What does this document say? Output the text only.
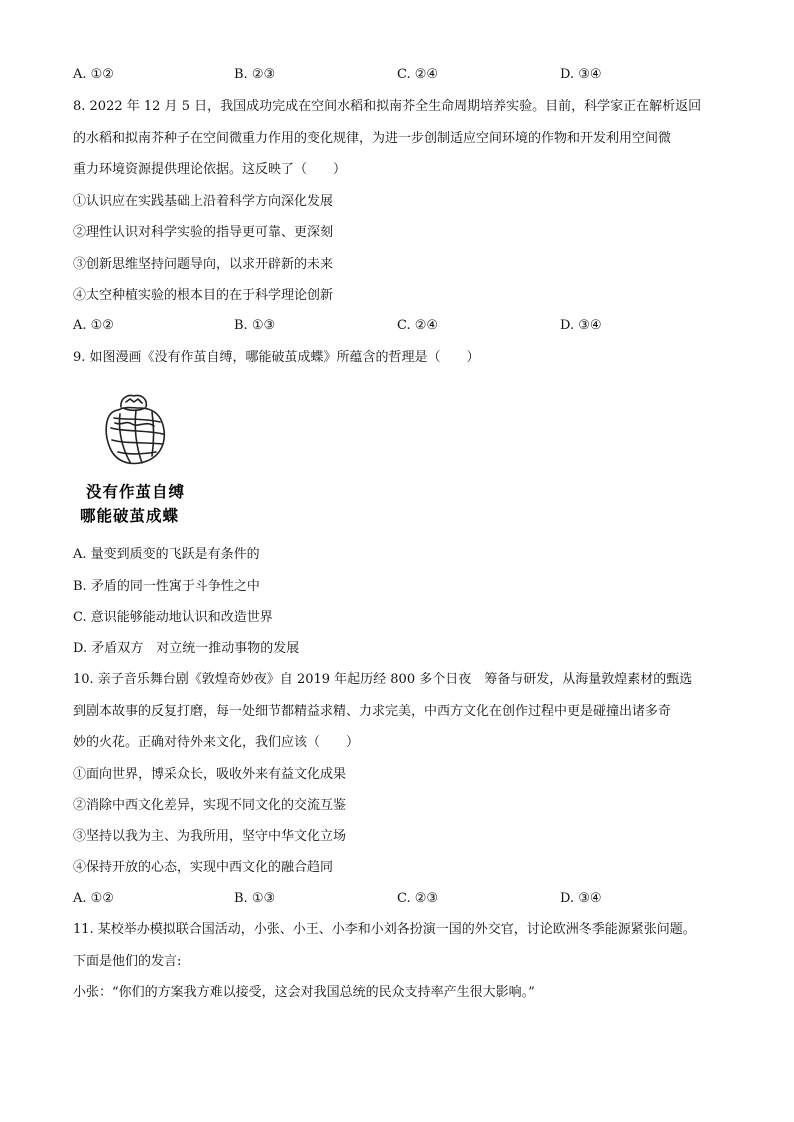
A. ①②	B. ②③	C. ②④	D. ③④
8. 2022 年 12 月 5 日，我国成功完成在空间水稻和拟南芥全生命周期培养实验。目前，科学家正在解析返回
的水稻和拟南芥种子在空间微重力作用的变化规律，为进一步创制适应空间环境的作物和开发利用空间微
重力环境资源提供理论依据。这反映了（　　）
①认识应在实践基础上沿着科学方向深化发展
②理性认识对科学实验的指导更可靠、更深刻
③创新思维坚持问题导向，以求开辟新的未来
④太空种植实验的根本目的在于科学理论创新
A. ①②	B. ①③	C. ②④	D. ③④
9. 如图漫画《没有作茧自缚，哪能破茧成蝶》所蕴含的哲理是（　　）
没有作茧自缚
哪能破茧成蝶
A. 量变到质变的飞跃是有条件的
B. 矛盾的同一性寓于斗争性之中
C. 意识能够能动地认识和改造世界
D. 矛盾双方　对立统一推动事物的发展
10. 亲子音乐舞台剧《敦煌奇妙夜》自 2019 年起历经 800 多个日夜　筹备与研发，从海量敦煌素材的甄选
到剧本故事的反复打磨，每一处细节都精益求精、力求完美，中西方文化在创作过程中更是碰撞出诸多奇
妙的火花。正确对待外来文化，我们应该（　　）
①面向世界，博采众长，吸收外来有益文化成果
②消除中西文化差异，实现不同文化的交流互鉴
③坚持以我为主、为我所用，坚守中华文化立场
④保持开放的心态，实现中西文化的融合趋同
A. ①②	B. ①③	C. ②③	D. ③④
11. 某校举办模拟联合国活动，小张、小王、小李和小刘各扮演一国的外交官，讨论欧洲冬季能源紧张问题。
下面是他们的发言:
小张：“你们的方案我方难以接受，这会对我国总统的民众支持率产生很大影响。”
